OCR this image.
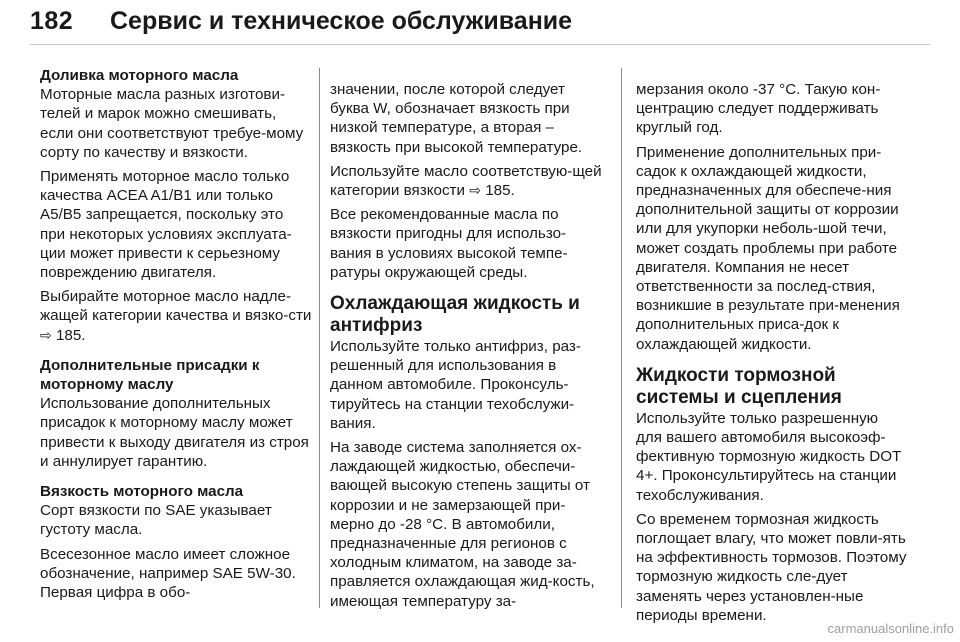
182 Сервис и техническое обслуживание
Доливка моторного масла

Моторные масла разных изготови-телей и марок можно смешивать, если они соответствуют требуе-мому сорту по качеству и вязкости.

Применять моторное масло только качества ACEA A1/B1 или только A5/B5 запрещается, поскольку это при некоторых условиях эксплуата-ции может привести к серьезному повреждению двигателя.

Выбирайте моторное масло надле-жащей категории качества и вязко-сти ⇨ 185.

Дополнительные присадки к моторному маслу

Использование дополнительных присадок к моторному маслу может привести к выходу двигателя из строя и аннулирует гарантию.

Вязкость моторного масла

Сорт вязкости по SAE указывает густоту масла.

Всесезонное масло имеет сложное обозначение, например SAE 5W-30. Первая цифра в обо-

значении, после которой следует буква W, обозначает вязкость при низкой температуре, а вторая – вязкость при высокой температуре.

Используйте масло соответствую-щей категории вязкости ⇨ 185.

Все рекомендованные масла по вязкости пригодны для использо-вания в условиях высокой темпе-ратуры окружающей среды.

Охлаждающая жидкость и антифриз

Используйте только антифриз, раз-решенный для использования в данном автомобиле. Проконсуль-тируйтесь на станции техобслужи-вания.

На заводе система заполняется ох-лаждающей жидкостью, обеспечи-вающей высокую степень защиты от коррозии и не замерзающей при-мерно до -28 °C. В автомобили, предназначенные для регионов с холодным климатом, на заводе за-правляется охлаждающая жид-кость, имеющая температуру за-

мерзания около -37 °C. Такую кон-центрацию следует поддерживать круглый год.

Применение дополнительных при-садок к охлаждающей жидкости, предназначенных для обеспече-ния дополнительной защиты от коррозии или для укупорки неболь-шой течи, может создать проблемы при работе двигателя. Компания не несет ответственности за послед-ствия, возникшие в результате при-менения дополнительных приса-док к охлаждающей жидкости.

Жидкости тормозной системы и сцепления

Используйте только разрешенную для вашего автомобиля высокоэф-фективную тормозную жидкость DOT 4+. Проконсультируйтесь на станции техобслуживания.

Со временем тормозная жидкость поглощает влагу, что может повли-ять на эффективность тормозов. Поэтому тормозную жидкость сле-дует заменять через установлен-ные периоды времени.

carmanualsonline.info
